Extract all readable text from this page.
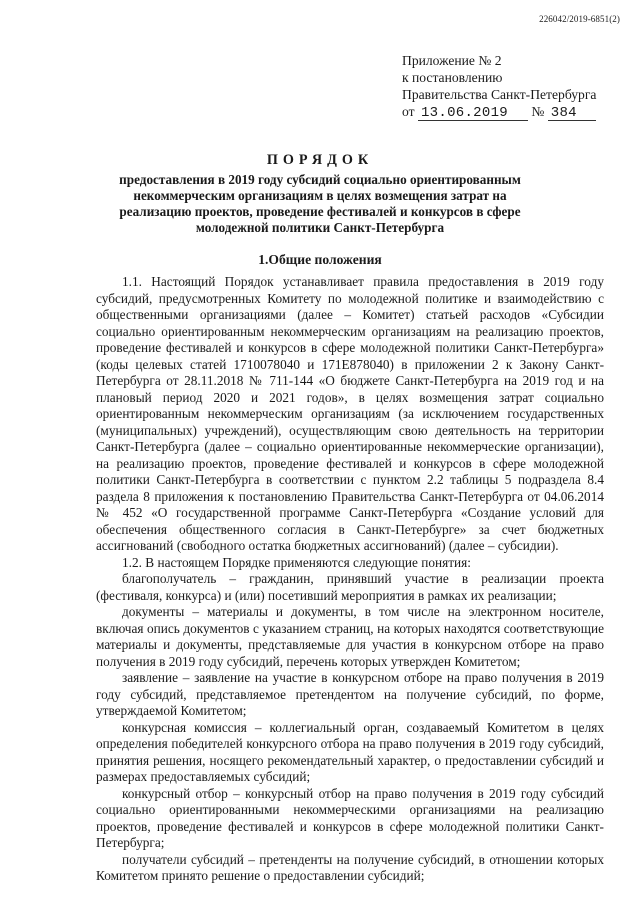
226042/2019-6851(2)
Приложение № 2
к постановлению
Правительства Санкт-Петербурга
от 13.06.2019 № 384
ПОРЯДОК
предоставления в 2019 году субсидий социально ориентированным некоммерческим организациям в целях возмещения затрат на реализацию проектов, проведение фестивалей и конкурсов в сфере молодежной политики Санкт-Петербурга
1.Общие положения

1.1. Настоящий Порядок устанавливает правила предоставления в 2019 году субсидий, предусмотренных Комитету по молодежной политике и взаимодействию с общественными организациями (далее – Комитет) статьей расходов «Субсидии социально ориентированным некоммерческим организациям на реализацию проектов, проведение фестивалей и конкурсов в сфере молодежной политики Санкт-Петербурга» (коды целевых статей 1710078040 и 171Е878040) в приложении 2 к Закону Санкт-Петербурга от 28.11.2018 № 711-144 «О бюджете Санкт-Петербурга на 2019 год и на плановый период 2020 и 2021 годов», в целях возмещения затрат социально ориентированным некоммерческим организациям (за исключением государственных (муниципальных) учреждений), осуществляющим свою деятельность на территории Санкт-Петербурга (далее – социально ориентированные некоммерческие организации), на реализацию проектов, проведение фестивалей и конкурсов в сфере молодежной политики Санкт-Петербурга в соответствии с пунктом 2.2 таблицы 5 подраздела 8.4 раздела 8 приложения к постановлению Правительства Санкт-Петербурга от 04.06.2014 № 452 «О государственной программе Санкт-Петербурга «Создание условий для обеспечения общественного согласия в Санкт-Петербурге» за счет бюджетных ассигнований (свободного остатка бюджетных ассигнований) (далее – субсидии).

1.2. В настоящем Порядке применяются следующие понятия:

благополучатель – гражданин, принявший участие в реализации проекта (фестиваля, конкурса) и (или) посетивший мероприятия в рамках их реализации;

документы – материалы и документы, в том числе на электронном носителе, включая опись документов с указанием страниц, на которых находятся соответствующие материалы и документы, представляемые для участия в конкурсном отборе на право получения в 2019 году субсидий, перечень которых утвержден Комитетом;

заявление – заявление на участие в конкурсном отборе на право получения в 2019 году субсидий, представляемое претендентом на получение субсидий, по форме, утверждаемой Комитетом;

конкурсная комиссия – коллегиальный орган, создаваемый Комитетом в целях определения победителей конкурсного отбора на право получения в 2019 году субсидий, принятия решения, носящего рекомендательный характер, о предоставлении субсидий и размерах предоставляемых субсидий;

конкурсный отбор – конкурсный отбор на право получения в 2019 году субсидий социально ориентированными некоммерческими организациями на реализацию проектов, проведение фестивалей и конкурсов в сфере молодежной политики Санкт-Петербурга;

получатели субсидий – претенденты на получение субсидий, в отношении которых Комитетом принято решение о предоставлении субсидий;
